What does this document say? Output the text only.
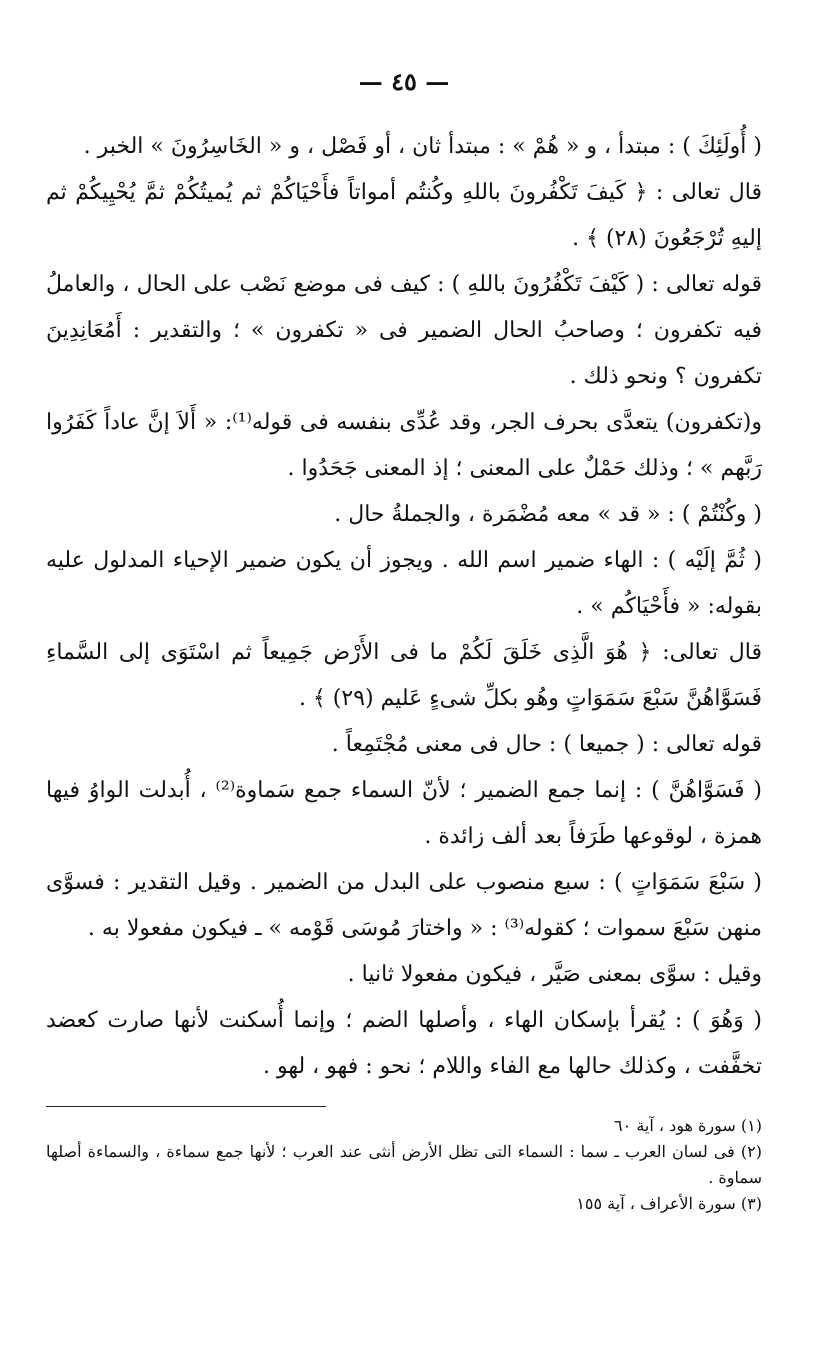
— ٤٥ —

( أُولَئِكَ ) : مبتدأ ، و « هُمْ » : مبتدأ ثان ، أو فَصْل ، و « الخَاسِرُونَ » الخبر .

قال تعالى : ﴿ كَيفَ تَكْفُرونَ باللهِ وكُنتُم أمواتاً فأَحْيَاكُمْ ثم يُميتُكُمْ ثمَّ يُحْيِيكُمْ ثم إليهِ تُرْجَعُونَ (٢٨) ﴾ .

قوله تعالى : ( كَيْفَ تَكْفُرُونَ باللهِ ) : كيف فى موضع نَصْب على الحال ، والعاملُ فيه تكفرون ؛ وصاحبُ الحال الضمير فى « تكفرون » ؛ والتقدير : أَمُعَانِدِينَ تكفرون ؟ ونحو ذلك .

و(تكفرون) يتعدَّى بحرف الجر، وقد عُدِّى بنفسه فى قوله⁽¹⁾: « أَلاَ إنَّ عاداً كَفَرُوا رَبَّهم » ؛ وذلك حَمْلٌ على المعنى ؛ إذ المعنى جَحَدُوا .

( وكُنْتُمْ ) : « قد » معه مُضْمَرة ، والجملةُ حال .

( ثُمَّ إلَيْه ) : الهاء ضمير اسم الله . ويجوز أن يكون ضمير الإحياء المدلول عليه بقوله: « فأَحْيَاكُم » .

قال تعالى: ﴿ هُوَ الَّذِى خَلَقَ لَكُمْ ما فى الأَرْض جَمِيعاً ثم اسْتَوَى إلى السَّماءِ فَسَوَّاهُنَّ سَبْعَ سَمَوَاتٍ وهُو بكلِّ شىءٍ عَليم (٢٩) ﴾ .

قوله تعالى : ( جميعا ) : حال فى معنى مُجْتَمِعاً .

( فَسَوَّاهُنَّ ) : إنما جمع الضمير ؛ لأنّ السماء جمع سَماوة⁽²⁾ ، أُبدلت الواوُ فيها همزة ، لوقوعها طَرَفاً بعد ألف زائدة .

( سَبْعَ سَمَوَاتٍ ) : سبع منصوب على البدل من الضمير . وقيل التقدير : فسوَّى منهن سَبْعَ سموات ؛ كقوله⁽³⁾ : « واختارَ مُوسَى قَوْمه » ـ فيكون مفعولا به .

وقيل : سوَّى بمعنى صَيَّر ، فيكون مفعولا ثانيا .

( وَهُوَ ) : يُقرأ بإسكان الهاء ، وأصلها الضم ؛ وإنما أُسكنت لأنها صارت كعضد تخفَّفت ، وكذلك حالها مع الفاء واللام ؛ نحو : فهو ، لهو .

(١) سورة هود ، آية ٦٠

(٢) فى لسان العرب ـ سما : السماء التى تظل الأرض أنثى عند العرب ؛ لأنها جمع سماءة ، والسماءة أصلها سماوة .

(٣) سورة الأعراف ، آية ١٥٥
